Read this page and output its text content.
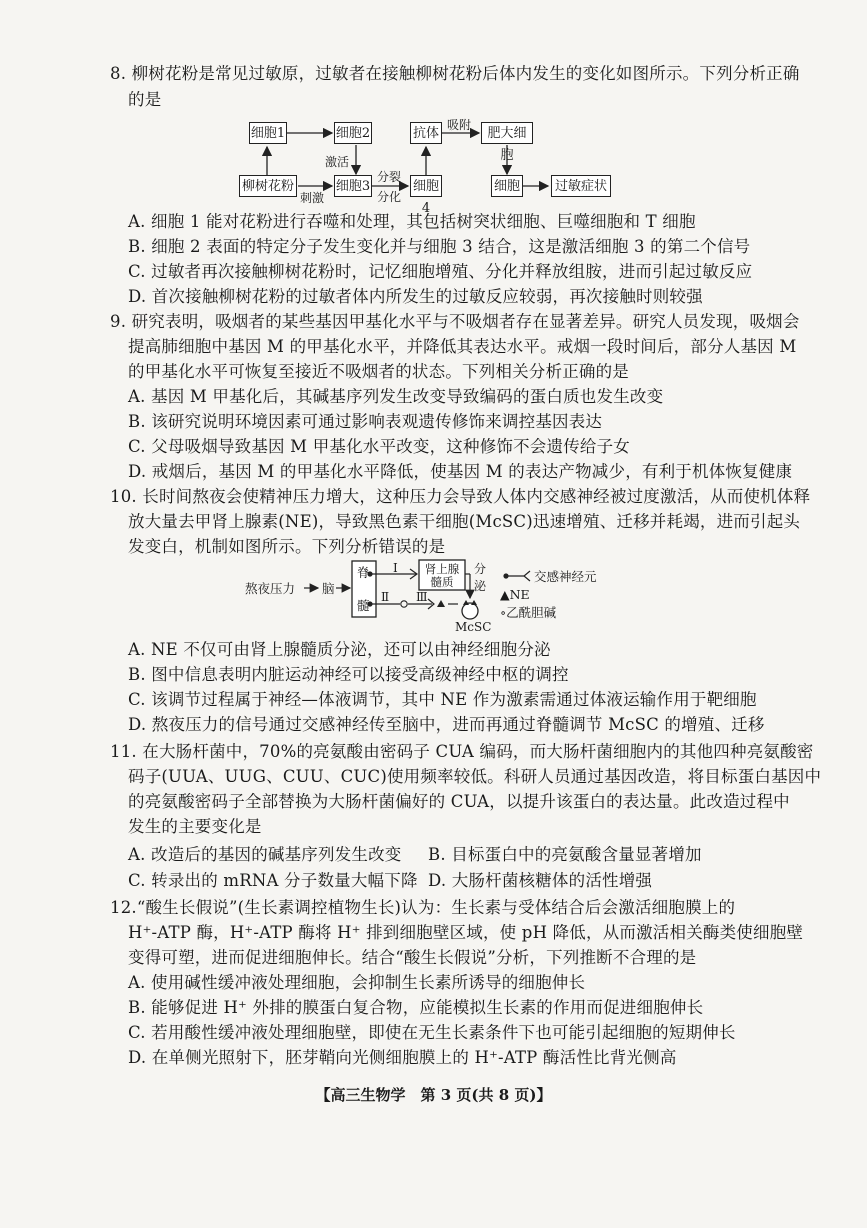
8. 柳树花粉是常见过敏原，过敏者在接触柳树花粉后体内发生的变化如图所示。下列分析正确
的是
细胞1	细胞2
柳树花粉	细胞3	细胞4
抗体	肥大细胞
细胞	过敏症状
激活
刺激
分裂
分化
吸附
A. 细胞 1 能对花粉进行吞噬和处理，其包括树突状细胞、巨噬细胞和 T 细胞
B. 细胞 2 表面的特定分子发生变化并与细胞 3 结合，这是激活细胞 3 的第二个信号
C. 过敏者再次接触柳树花粉时，记忆细胞增殖、分化并释放组胺，进而引起过敏反应
D. 首次接触柳树花粉的过敏者体内所发生的过敏反应较弱，再次接触时则较强
9. 研究表明，吸烟者的某些基因甲基化水平与不吸烟者存在显著差异。研究人员发现，吸烟会
提高肺细胞中基因 M 的甲基化水平，并降低其表达水平。戒烟一段时间后，部分人基因 M
的甲基化水平可恢复至接近不吸烟者的状态。下列相关分析正确的是
A. 基因 M 甲基化后，其碱基序列发生改变导致编码的蛋白质也发生改变
B. 该研究说明环境因素可通过影响表观遗传修饰来调控基因表达
C. 父母吸烟导致基因 M 甲基化水平改变，这种修饰不会遗传给子女
D. 戒烟后，基因 M 的甲基化水平降低，使基因 M 的表达产物减少，有利于机体恢复健康
10. 长时间熬夜会使精神压力增大，这种压力会导致人体内交感神经被过度激活，从而使机体释
放大量去甲肾上腺素(NE)，导致黑色素干细胞(McSC)迅速增殖、迁移并耗竭，进而引起头
发变白，机制如图所示。下列分析错误的是
熬夜压力 脑
脊
髓
肾上腺髓质
分
泌
Ⅰ
Ⅱ Ⅲ
McSC
交感神经元
▲NE
∘乙酰胆碱
A. NE 不仅可由肾上腺髓质分泌，还可以由神经细胞分泌
B. 图中信息表明内脏运动神经可以接受高级神经中枢的调控
C. 该调节过程属于神经—体液调节，其中 NE 作为激素需通过体液运输作用于靶细胞
D. 熬夜压力的信号通过交感神经传至脑中，进而再通过脊髓调节 McSC 的增殖、迁移
11. 在大肠杆菌中，70%的亮氨酸由密码子 CUA 编码，而大肠杆菌细胞内的其他四种亮氨酸密
码子(UUA、UUG、CUU、CUC)使用频率较低。科研人员通过基因改造，将目标蛋白基因中
的亮氨酸密码子全部替换为大肠杆菌偏好的 CUA，以提升该蛋白的表达量。此改造过程中
发生的主要变化是
A. 改造后的基因的碱基序列发生改变 B. 目标蛋白中的亮氨酸含量显著增加
C. 转录出的 mRNA 分子数量大幅下降 D. 大肠杆菌核糖体的活性增强
12.“酸生长假说”(生长素调控植物生长)认为：生长素与受体结合后会激活细胞膜上的
H⁺-ATP 酶，H⁺-ATP 酶将 H⁺ 排到细胞壁区域，使 pH 降低，从而激活相关酶类使细胞壁
变得可塑，进而促进细胞伸长。结合“酸生长假说”分析，下列推断不合理的是
A. 使用碱性缓冲液处理细胞，会抑制生长素所诱导的细胞伸长
B. 能够促进 H⁺ 外排的膜蛋白复合物，应能模拟生长素的作用而促进细胞伸长
C. 若用酸性缓冲液处理细胞壁，即使在无生长素条件下也可能引起细胞的短期伸长
D. 在单侧光照射下，胚芽鞘向光侧细胞膜上的 H⁺-ATP 酶活性比背光侧高
【高三生物学　第 3 页(共 8 页)】
